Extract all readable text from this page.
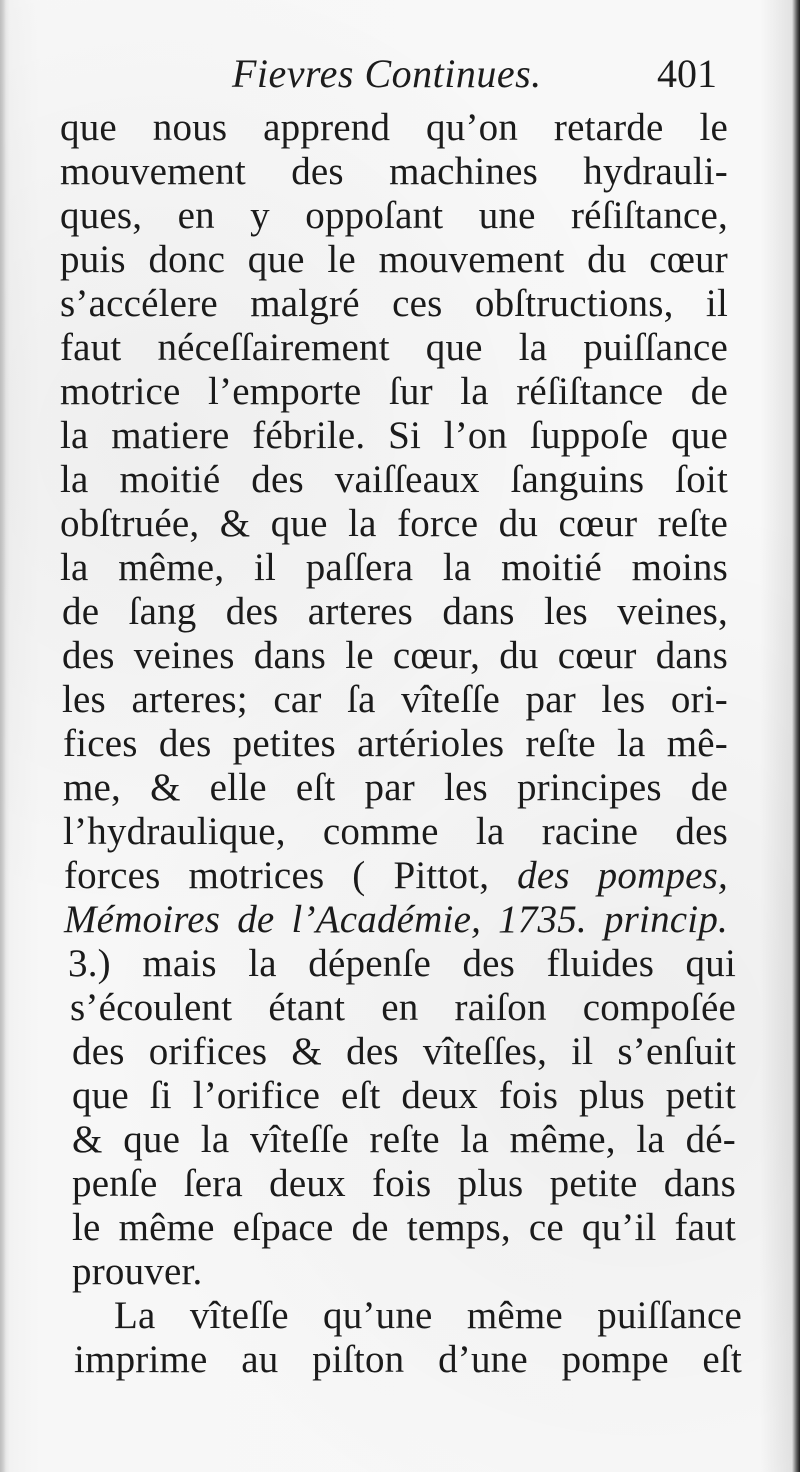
Fievres Continues.	401
que nous apprend qu’on retarde le
mouvement des machines hydrauli-
ques, en y oppoſant une réſiſtance,
puis donc que le mouvement du cœur
s’accélere malgré ces obſtructions, il
faut néceſſairement que la puiſſance
motrice l’emporte ſur la réſiſtance de
la matiere fébrile. Si l’on ſuppoſe que
la moitié des vaiſſeaux ſanguins ſoit
obſtruée, & que la force du cœur reſte
la même, il paſſera la moitié moins
de ſang des arteres dans les veines,
des veines dans le cœur, du cœur dans
les arteres; car ſa vîteſſe par les ori-
fices des petites artérioles reſte la mê-
me, & elle eſt par les principes de
l’hydraulique, comme la racine des
forces motrices ( Pittot, des pompes,
Mémoires de l’Académie, 1735. princip.
3.) mais la dépenſe des fluides qui
s’écoulent étant en raiſon compoſée
des orifices & des vîteſſes, il s’enſuit
que ſi l’orifice eſt deux fois plus petit
& que la vîteſſe reſte la même, la dé-
penſe ſera deux fois plus petite dans
le même eſpace de temps, ce qu’il faut
prouver.
La vîteſſe qu’une même puiſſance
imprime au piſton d’une pompe eſt
